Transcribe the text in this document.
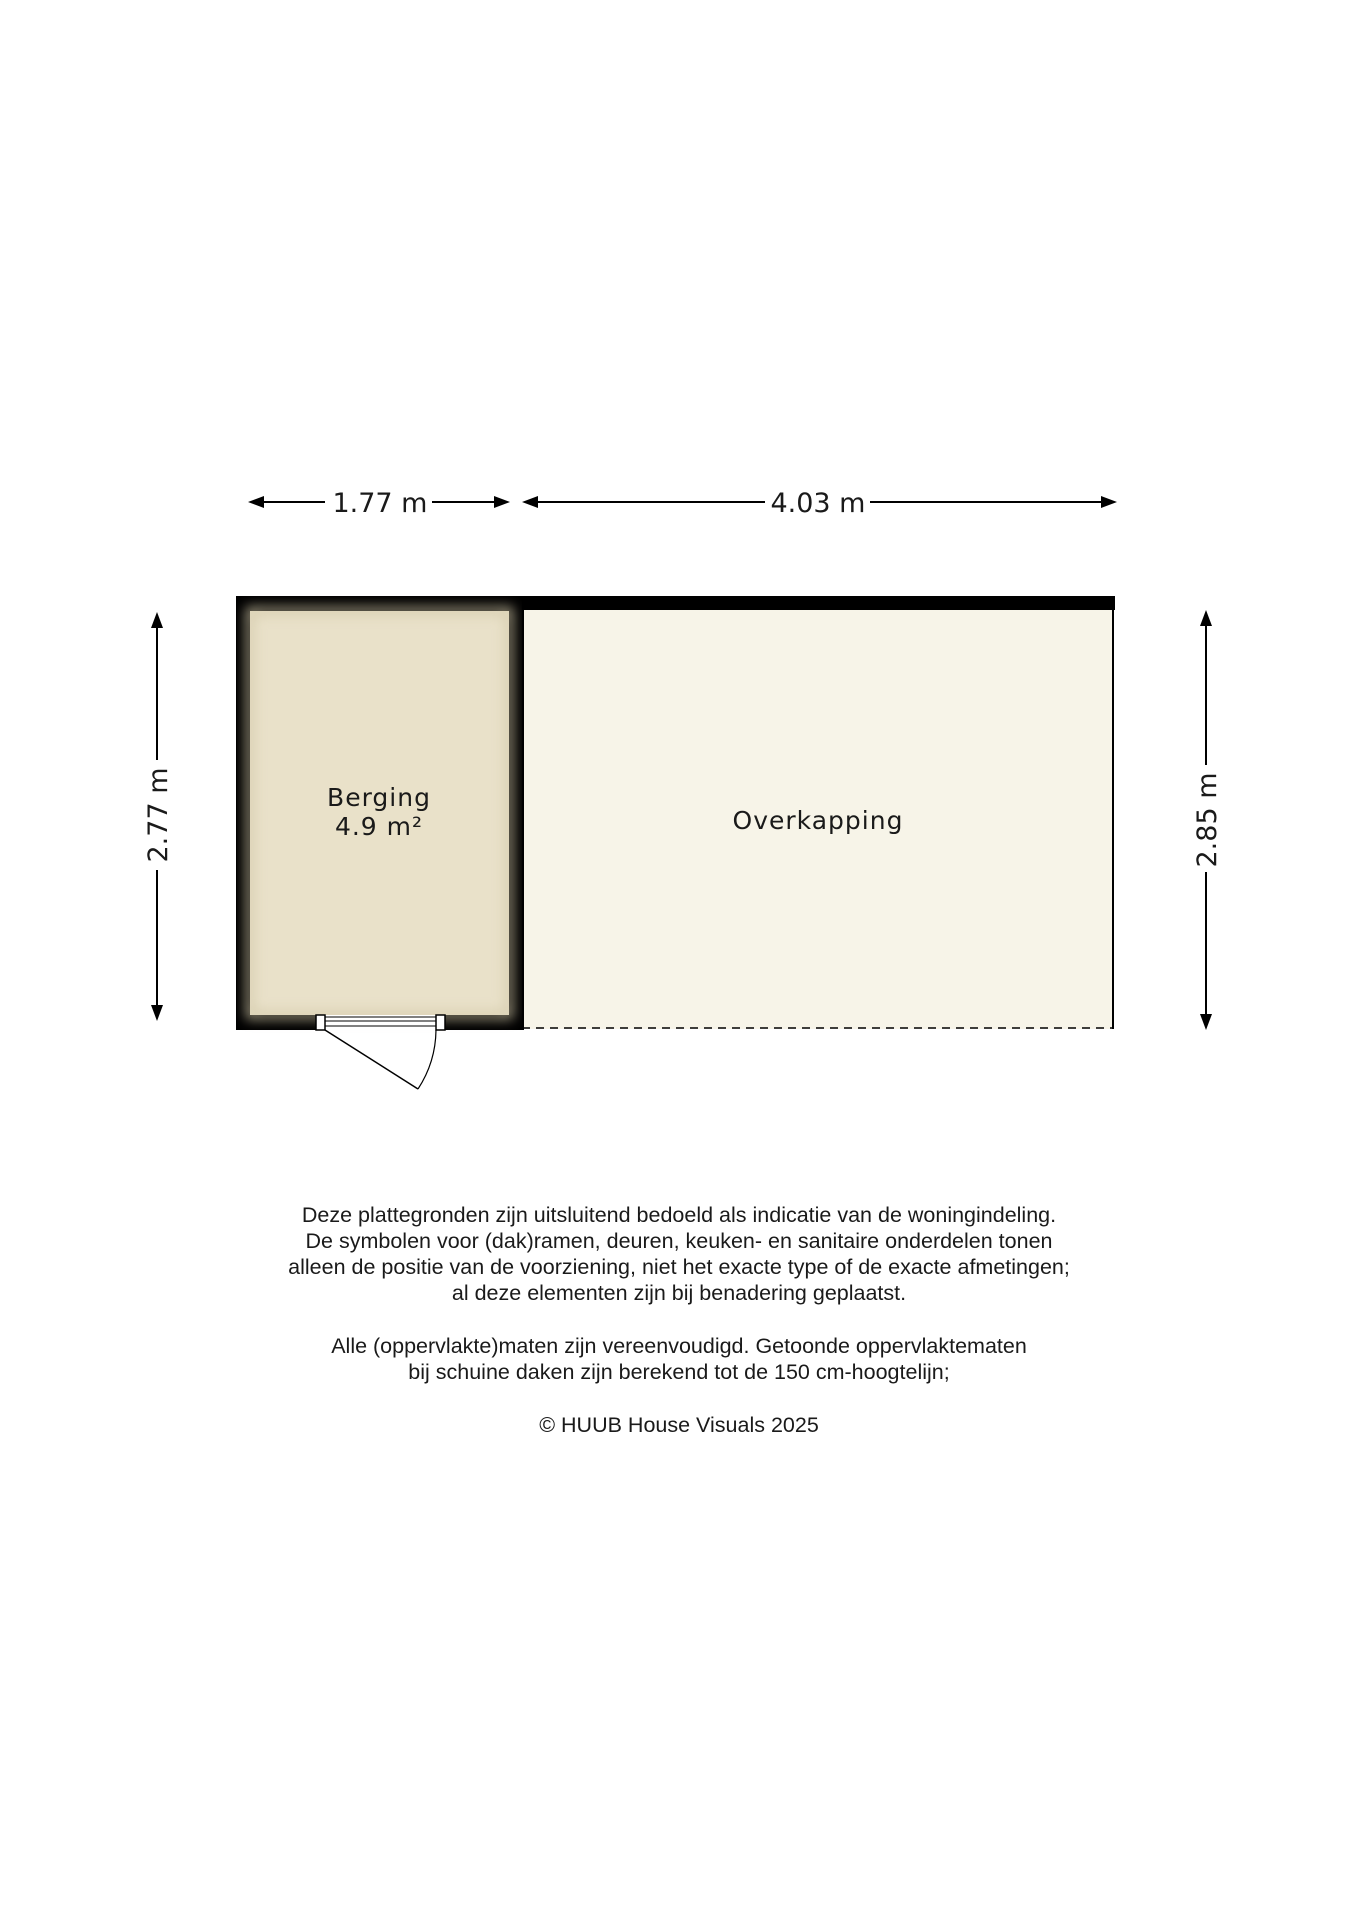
1.77 m	4.03 m
2.77 m	2.85 m
Overkapping
Berging
4.9 m²
Deze plattegronden zijn uitsluitend bedoeld als indicatie van de woningindeling.
De symbolen voor (dak)ramen, deuren, keuken- en sanitaire onderdelen tonen
alleen de positie van de voorziening, niet het exacte type of de exacte afmetingen;
al deze elementen zijn bij benadering geplaatst.
Alle (oppervlakte)maten zijn vereenvoudigd. Getoonde oppervlaktematen
bij schuine daken zijn berekend tot de 150 cm-hoogtelijn;
© HUUB House Visuals 2025
